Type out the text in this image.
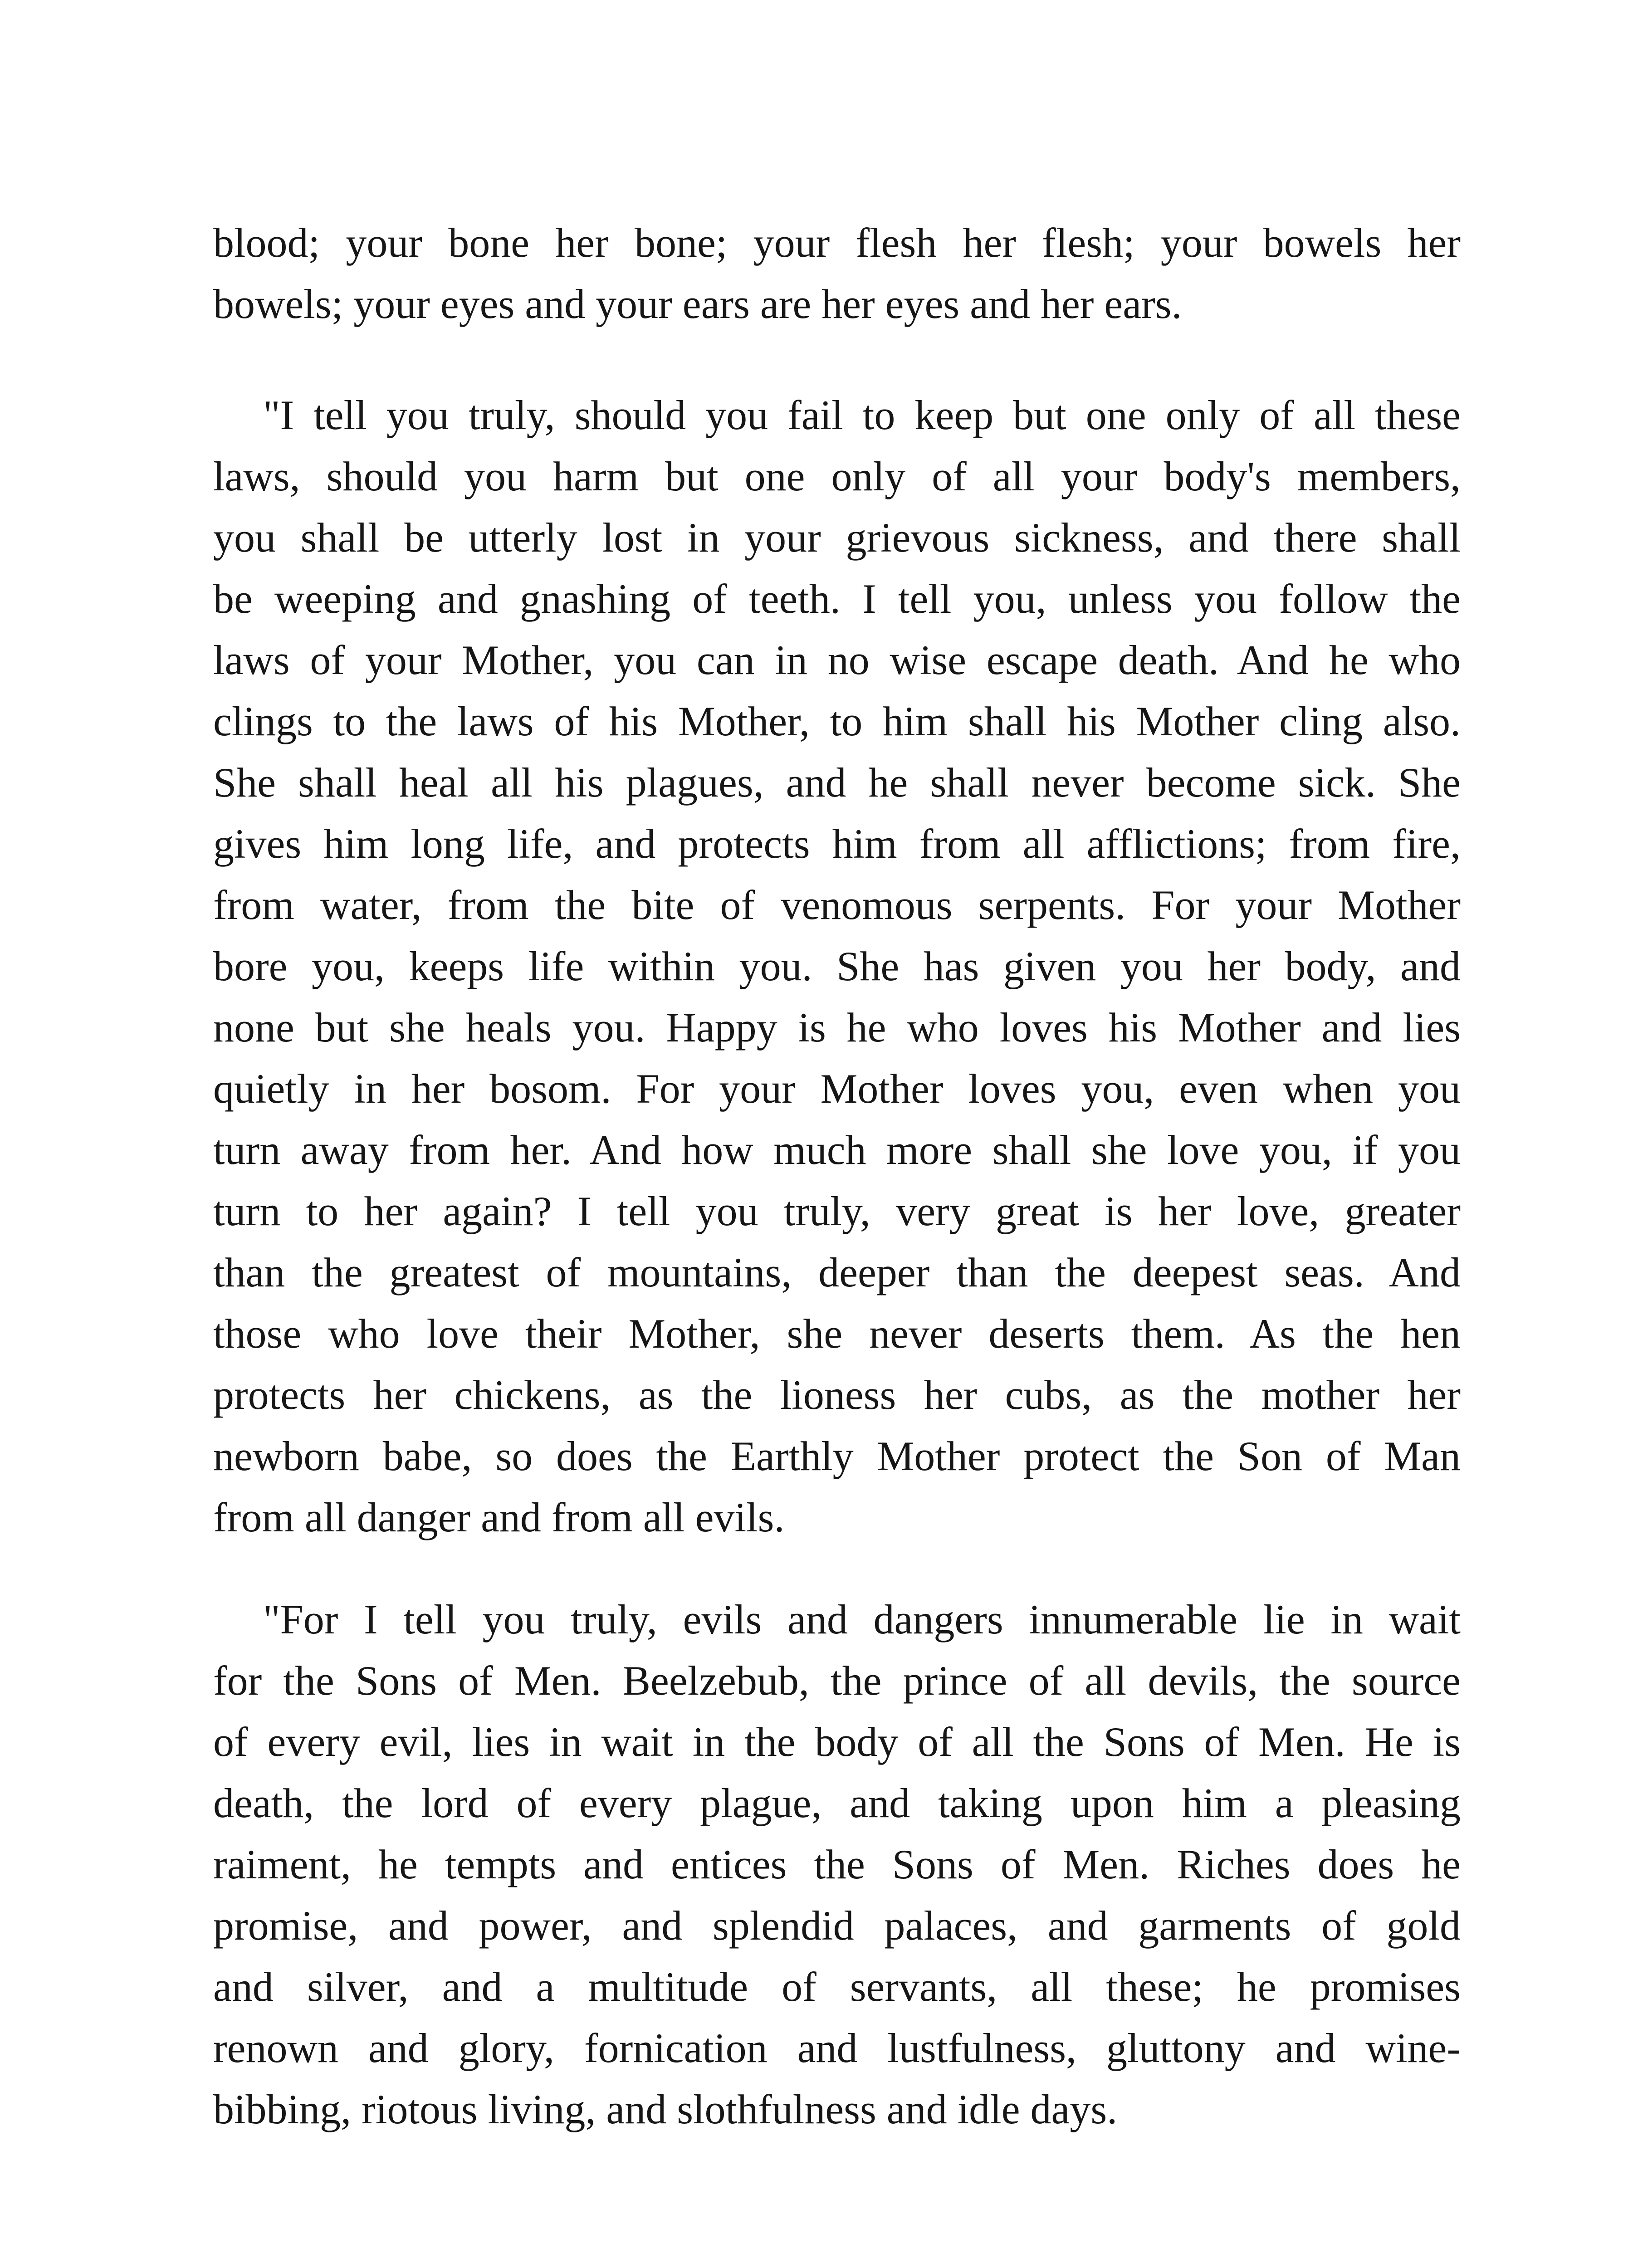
blood; your bone her bone; your flesh her flesh; your bowels her
bowels; your eyes and your ears are her eyes and her ears.
"I tell you truly, should you fail to keep but one only of all these
laws, should you harm but one only of all your body's members,
you shall be utterly lost in your grievous sickness, and there shall
be weeping and gnashing of teeth. I tell you, unless you follow the
laws of your Mother, you can in no wise escape death. And he who
clings to the laws of his Mother, to him shall his Mother cling also.
She shall heal all his plagues, and he shall never become sick. She
gives him long life, and protects him from all afflictions; from fire,
from water, from the bite of venomous serpents. For your Mother
bore you, keeps life within you. She has given you her body, and
none but she heals you. Happy is he who loves his Mother and lies
quietly in her bosom. For your Mother loves you, even when you
turn away from her. And how much more shall she love you, if you
turn to her again? I tell you truly, very great is her love, greater
than the greatest of mountains, deeper than the deepest seas. And
those who love their Mother, she never deserts them. As the hen
protects her chickens, as the lioness her cubs, as the mother her
newborn babe, so does the Earthly Mother protect the Son of Man
from all danger and from all evils.
"For I tell you truly, evils and dangers innumerable lie in wait
for the Sons of Men. Beelzebub, the prince of all devils, the source
of every evil, lies in wait in the body of all the Sons of Men. He is
death, the lord of every plague, and taking upon him a pleasing
raiment, he tempts and entices the Sons of Men. Riches does he
promise, and power, and splendid palaces, and garments of gold
and silver, and a multitude of servants, all these; he promises
renown and glory, fornication and lustfulness, gluttony and wine-
bibbing, riotous living, and slothfulness and idle days.
